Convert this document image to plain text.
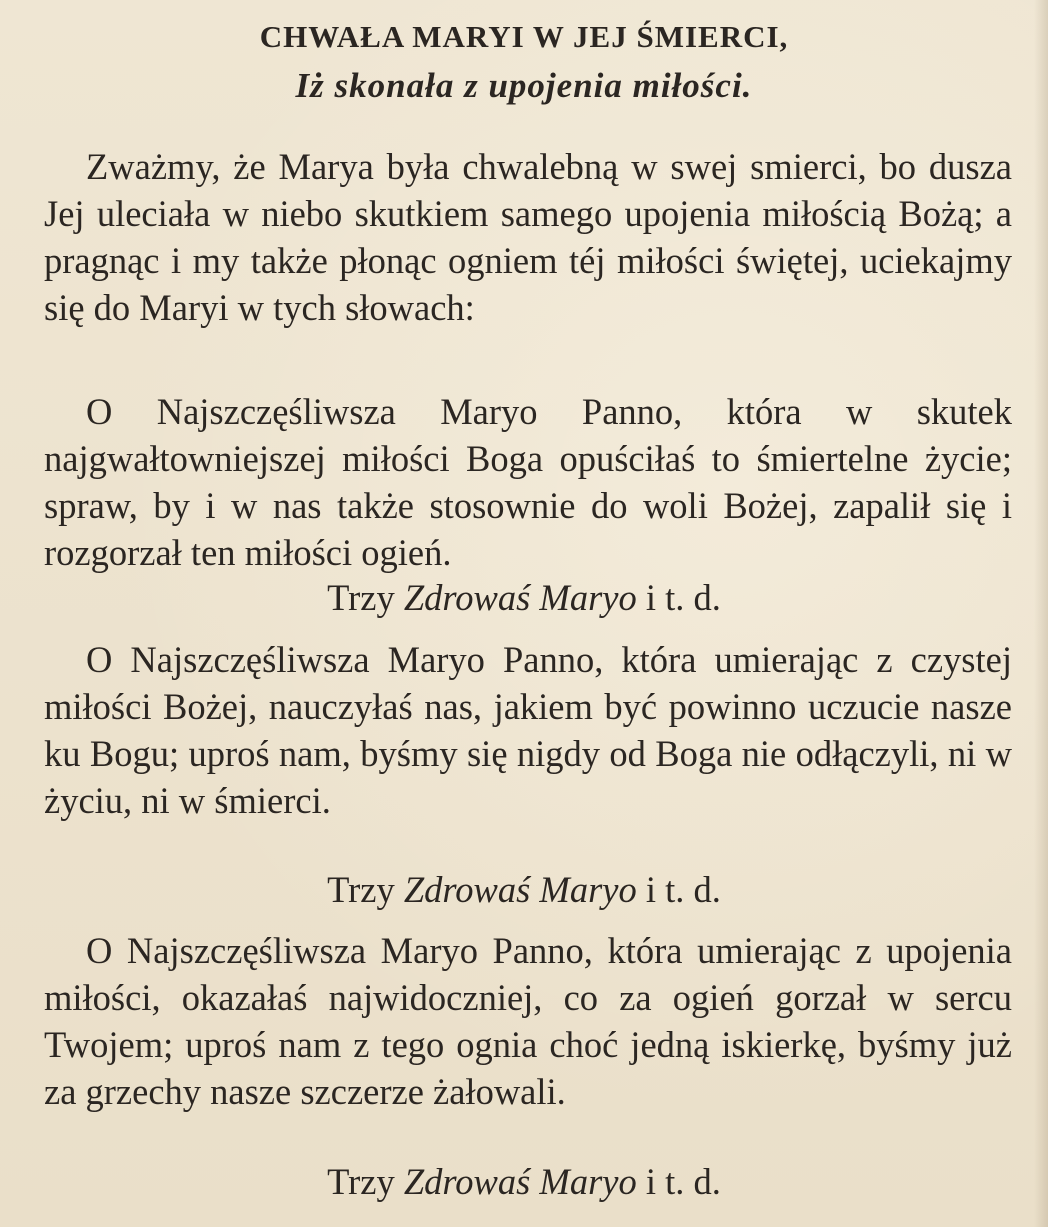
CHWAŁA MARYI W JEJ ŚMIERCI,
Iż skonała z upojenia miłości.

Zważmy, że Marya była chwalebną w swej smierci, bo dusza Jej uleciała w niebo skutkiem samego upojenia miłością Bożą; a pragnąc i my także płonąc ogniem téj miłości świętej, uciekajmy się do Maryi w tych słowach:

O Najszczęśliwsza Maryo Panno, która w skutek najgwałtowniejszej miłości Boga opuściłaś to śmiertelne życie; spraw, by i w nas także stosownie do woli Bożej, zapalił się i rozgorzał ten miłości ogień.

Trzy Zdrowaś Maryo i t. d.

O Najszczęśliwsza Maryo Panno, która umierając z czystej miłości Bożej, nauczyłaś nas, jakiem być powinno uczucie nasze ku Bogu; uproś nam, byśmy się nigdy od Boga nie odłączyli, ni w życiu, ni w śmierci.

Trzy Zdrowaś Maryo i t. d.

O Najszczęśliwsza Maryo Panno, która umierając z upojenia miłości, okazałaś najwidoczniej, co za ogień gorzał w sercu Twojem; uproś nam z tego ognia choć jedną iskierkę, byśmy już za grzechy nasze szczerze żałowali.

Trzy Zdrowaś Maryo i t. d.
